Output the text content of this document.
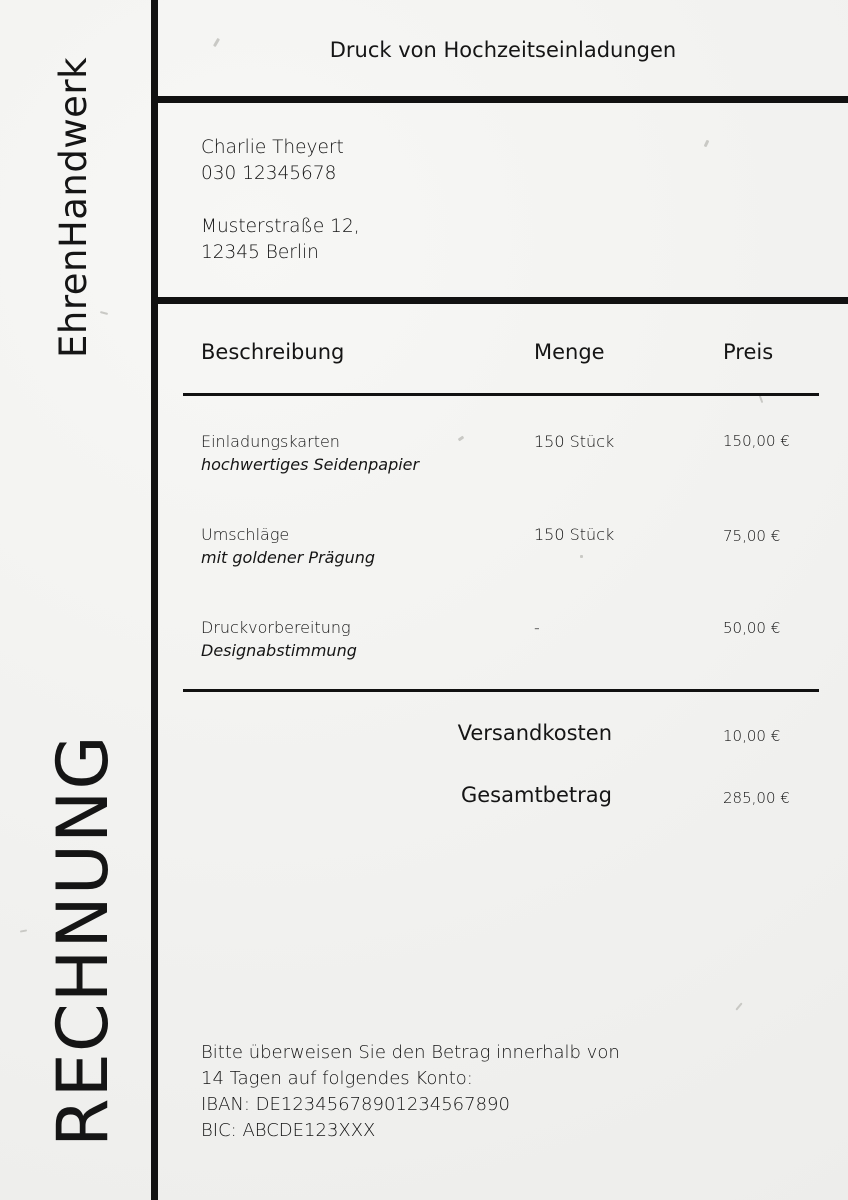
EhrenHandwerk
RECHNUNG
Druck von Hochzeitseinladungen
Charlie Theyert
030 12345678
Musterstraße 12,
12345 Berlin
Beschreibung	Menge	Preis
Einladungskarten
hochwertiges Seidenpapier
150 Stück	150,00 €
Umschläge
mit goldener Prägung
150 Stück	75,00 €
Druckvorbereitung
Designabstimmung
-	50,00 €
Versandkosten	10,00 €
Gesamtbetrag	285,00 €
Bitte überweisen Sie den Betrag innerhalb von
14 Tagen auf folgendes Konto:
IBAN: DE12345678901234567890
BIC: ABCDE123XXX
